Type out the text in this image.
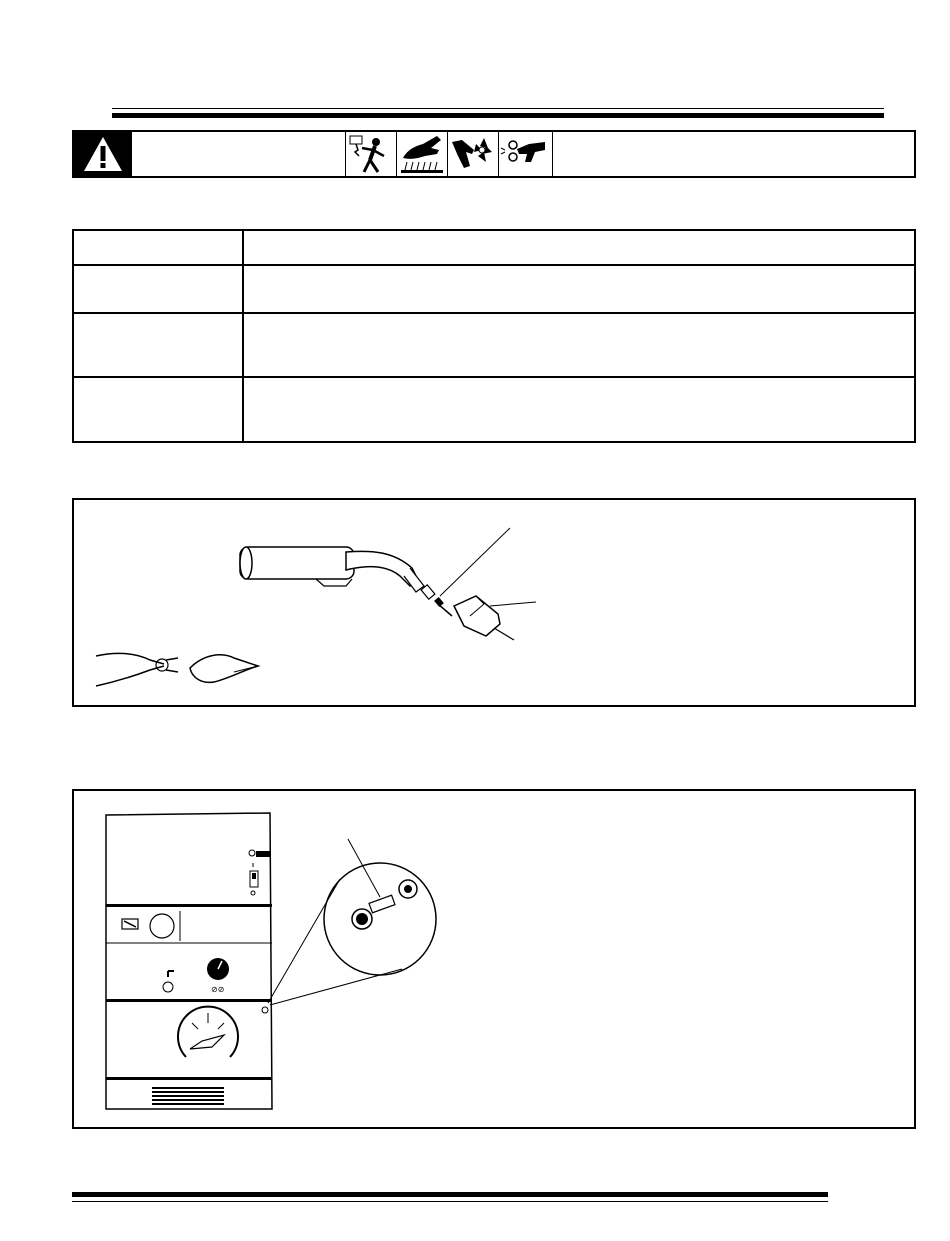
⊘⊘
